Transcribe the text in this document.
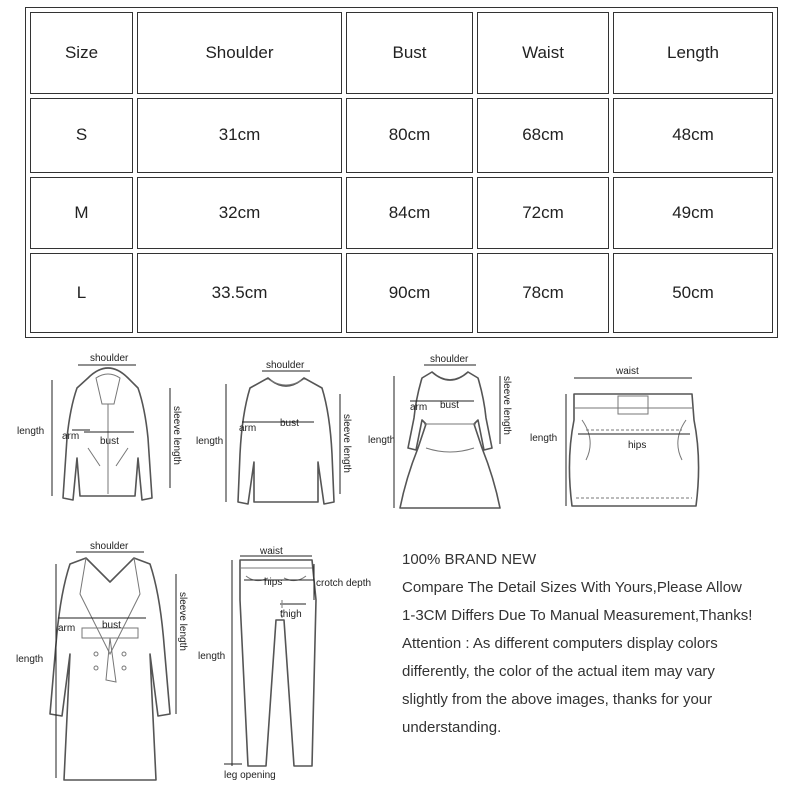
Size	Shoulder	Bust	Waist	Length
S	31cm	80cm	68cm	48cm
M	32cm	84cm	72cm	49cm
L	33.5cm	90cm	78cm	50cm
shoulder
length arm bust	sleeve length
shoulder
length
arm bust	sleeve length
shoulder
length
arm bust	sleeve length
waist
length
hips
shoulder
length
arm	bust	sleeve length
waist
hips	crotch depth
thigh
length
leg opening

100% BRAND NEW

Compare The Detail Sizes With Yours,Please Allow

1-3CM Differs Due To Manual Measurement,Thanks!

Attention : As different computers display colors

differently, the color of the actual item may vary

slightly from the above images, thanks for your

understanding.
